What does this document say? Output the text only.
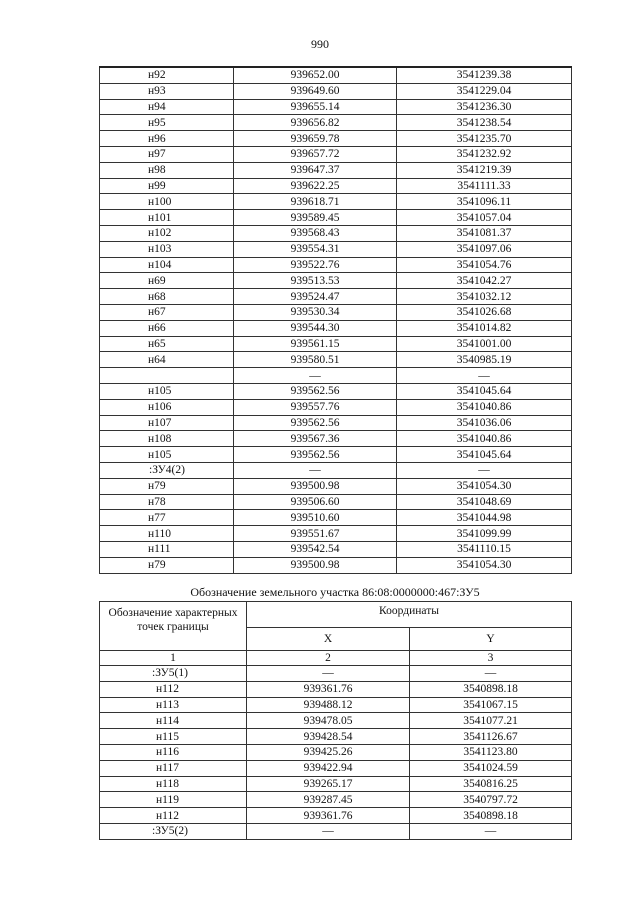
990
н92	939652.00	3541239.38
н93	939649.60	3541229.04
н94	939655.14	3541236.30
н95	939656.82	3541238.54
н96	939659.78	3541235.70
н97	939657.72	3541232.92
н98	939647.37	3541219.39
н99	939622.25	3541111.33
н100	939618.71	3541096.11
н101	939589.45	3541057.04
н102	939568.43	3541081.37
н103	939554.31	3541097.06
н104	939522.76	3541054.76
н69	939513.53	3541042.27
н68	939524.47	3541032.12
н67	939530.34	3541026.68
н66	939544.30	3541014.82
н65	939561.15	3541001.00
н64	939580.51	3540985.19
	—	—
н105	939562.56	3541045.64
н106	939557.76	3541040.86
н107	939562.56	3541036.06
н108	939567.36	3541040.86
н105	939562.56	3541045.64
:ЗУ4(2)	—	—
н79	939500.98	3541054.30
н78	939506.60	3541048.69
н77	939510.60	3541044.98
н110	939551.67	3541099.99
н111	939542.54	3541110.15
н79	939500.98	3541054.30
Обозначение земельного участка 86:08:0000000:467:ЗУ5
Обозначение характерных точек границы	Координаты	
	X	Y
1	2	3
:ЗУ5(1)	—	—
н112	939361.76	3540898.18
н113	939488.12	3541067.15
н114	939478.05	3541077.21
н115	939428.54	3541126.67
н116	939425.26	3541123.80
н117	939422.94	3541024.59
н118	939265.17	3540816.25
н119	939287.45	3540797.72
н112	939361.76	3540898.18
:ЗУ5(2)	—	—
